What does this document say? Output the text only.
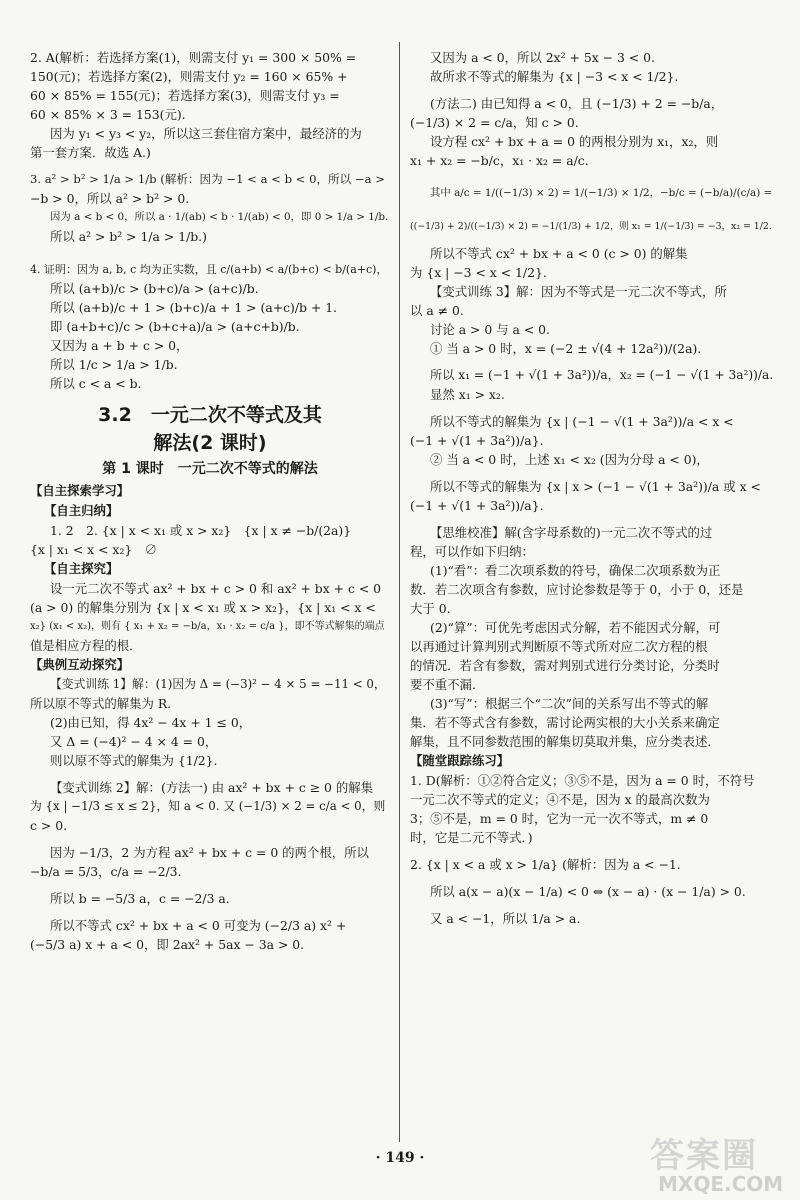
2. A(解析：若选择方案(1)，则需支付 y₁ = 300 × 50% =

150(元)；若选择方案(2)，则需支付 y₂ = 160 × 65% +

60 × 85% = 155(元)；若选择方案(3)，则需支付 y₃ =

60 × 85% × 3 = 153(元).

因为 y₁ < y₃ < y₂，所以这三套住宿方案中，最经济的为

第一套方案．故选 A.)

3. a² > b² > 1/a > 1/b (解析：因为 −1 < a < b < 0，所以 −a >

−b > 0，所以 a² > b² > 0.

因为 a < b < 0，所以 a · 1/(ab) < b · 1/(ab) < 0，即 0 > 1/a > 1/b.

所以 a² > b² > 1/a > 1/b.)

4. 证明：因为 a, b, c 均为正实数，且 c/(a+b) < a/(b+c) < b/(a+c)，

所以 (a+b)/c > (b+c)/a > (a+c)/b.

所以 (a+b)/c + 1 > (b+c)/a + 1 > (a+c)/b + 1.

即 (a+b+c)/c > (b+c+a)/a > (a+c+b)/b.

又因为 a + b + c > 0，

所以 1/c > 1/a > 1/b.

所以 c < a < b.

3.2　一元二次不等式及其
解法(2 课时)
第 1 课时　一元二次不等式的解法
【自主探索学习】
【自主归纳】

1. 2　2. {x | x < x₁ 或 x > x₂}　{x | x ≠ −b/(2a)}

{x | x₁ < x < x₂}　∅

【自主探究】

设一元二次不等式 ax² + bx + c > 0 和 ax² + bx + c < 0

(a > 0) 的解集分别为 {x | x < x₁ 或 x > x₂}，{x | x₁ < x <

x₂} (x₁ < x₂)，则有 { x₁ + x₂ = −b/a，x₁ · x₂ = c/a }，即不等式解集的端点

值是相应方程的根．

【典例互动探究】

【变式训练 1】解：(1)因为 Δ = (−3)² − 4 × 5 = −11 < 0，

所以原不等式的解集为 R.

(2)由已知，得 4x² − 4x + 1 ≤ 0，

又 Δ = (−4)² − 4 × 4 = 0，

则以原不等式的解集为 {1/2}.

【变式训练 2】解：(方法一) 由 ax² + bx + c ≥ 0 的解集

为 {x | −1/3 ≤ x ≤ 2}，知 a < 0. 又 (−1/3) × 2 = c/a < 0，则

c > 0.

因为 −1/3，2 为方程 ax² + bx + c = 0 的两个根，所以

−b/a = 5/3，c/a = −2/3.

所以 b = −5/3 a，c = −2/3 a.

所以不等式 cx² + bx + a < 0 可变为 (−2/3 a) x² +

(−5/3 a) x + a < 0，即 2ax² + 5ax − 3a > 0.

又因为 a < 0，所以 2x² + 5x − 3 < 0.

故所求不等式的解集为 {x | −3 < x < 1/2}.

(方法二) 由已知得 a < 0，且 (−1/3) + 2 = −b/a，

(−1/3) × 2 = c/a，知 c > 0.

设方程 cx² + bx + a = 0 的两根分别为 x₁，x₂，则

x₁ + x₂ = −b/c，x₁ · x₂ = a/c.

其中 a/c = 1/((−1/3) × 2) = 1/(−1/3) × 1/2，−b/c = (−b/a)/(c/a) =

((−1/3) + 2)/((−1/3) × 2) = −1/(1/3) + 1/2，则 x₁ = 1/(−1/3) = −3，x₂ = 1/2.

所以不等式 cx² + bx + a < 0 (c > 0) 的解集

为 {x | −3 < x < 1/2}.

【变式训练 3】解：因为不等式是一元二次不等式，所

以 a ≠ 0.

讨论 a > 0 与 a < 0.

① 当 a > 0 时，x = (−2 ± √(4 + 12a²))/(2a).

所以 x₁ = (−1 + √(1 + 3a²))/a，x₂ = (−1 − √(1 + 3a²))/a.

显然 x₁ > x₂.

所以不等式的解集为 {x | (−1 − √(1 + 3a²))/a < x <

(−1 + √(1 + 3a²))/a}.

② 当 a < 0 时，上述 x₁ < x₂ (因为分母 a < 0)，

所以不等式的解集为 {x | x > (−1 − √(1 + 3a²))/a 或 x <

(−1 + √(1 + 3a²))/a}.

【思维校准】解(含字母系数的)一元二次不等式的过

程，可以作如下归纳：

(1)“看”：看二次项系数的符号，确保二次项系数为正

数．若二次项含有参数，应讨论参数是等于 0，小于 0，还是

大于 0.

(2)“算”：可优先考虑因式分解，若不能因式分解，可

以再通过计算判别式判断原不等式所对应二次方程的根

的情况．若含有参数，需对判别式进行分类讨论，分类时

要不重不漏．

(3)“写”：根据三个“二次”间的关系写出不等式的解

集．若不等式含有参数，需讨论两实根的大小关系来确定

解集，且不同参数范围的解集切莫取并集，应分类表述．

【随堂跟踪练习】

1. D(解析：①②符合定义；③⑤不是，因为 a = 0 时，不符号

一元二次不等式的定义；④不是，因为 x 的最高次数为

3；⑤不是，m = 0 时，它为一元一次不等式，m ≠ 0

时，它是二元不等式．)

2. {x | x < a 或 x > 1/a} (解析：因为 a < −1.

所以 a(x − a)(x − 1/a) < 0 ⇔ (x − a) · (x − 1/a) > 0.

又 a < −1，所以 1/a > a.

· 149 ·	答案圈
MXQE.COM
